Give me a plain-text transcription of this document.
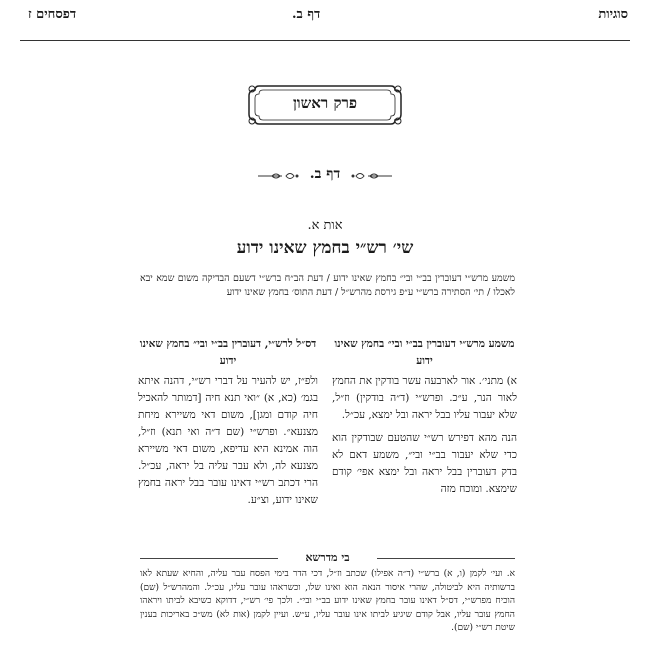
סוגיות
דף ב.
דפסחים ז
פרק ראשון
דף ב.
אות א.
שי׳ רש״י בחמץ שאינו ידוע
משמע מרש״י דעוברין בב״י ובי״ בחמץ שאינו ידוע / דעת הב״ח ברש״י דשעם הבדיקה משום שמא יבא לאכלו / תי׳ הסתירה ברש״י ע״פ גירסת מהרש״ל / דעת התוס׳ בחמץ שאינו ידוע

משמע מרש״י דעוברין בב״י ובי״ בחמץ שאינו ידוע

א) מתני׳. אור לארבעה עשר בודקין את החמץ לאור הנר, ע״כ. ופרש״י (ד״ה בודקין) וז״ל, שלא יעבור עליו בבל יראה ובל ימצא, עכ״ל.

הנה מהא דפירש רש״י שהטעם שבודקין הוא כדי שלא יעבור בב״י ובי״, משמע דאם לא בדק דעוברין בבל יראה ובל ימצא אפי׳ קודם שימצא. ומוכח מזה

דס״ל לרש״י, דעוברין בב״י ובי״ בחמץ שאינו ידוע

ולפ״ז, יש להעיר על דברי רש״י, דהנה איתא בגמ׳ (כא, א) ״ואי תנא חיה [דמותר להאכיל חיה קודם ומגן], משום דאי משיירא מיחת מצנעא״. ופרש״י (שם ד״ה ואי תנא) וז״ל, הוה אמינא היא עדיפא, משום דאי משיירא מצנעא לה, ולא עבר עליה בל יראה, עכ״ל. הרי דכתב רש״י דאינו עובר בבל יראה בחמץ שאינו ידוע, וצ״ע.

בי מדרשא
א. ועי׳ לקמן (ו, א) ברש״י (ד״ה אפילו) שכתב וז״ל, דכי הדר בימי הפסח עבר עליה, והחיא שעתא לאו ברשותיה היא לביטולה, שהרי איסור הנאה הוא ואינו שלו, וכשראהו עובר עליו, עכ״ל. והמהרש״ל (שם) הוכיח מפרש״י, דס״ל דאינו עובר בחמץ שאינו ידוע בב״י ובי״. ולכך פי׳ רש״י, דדוקא כשיבא לביתו ויראהו החמץ עובר עליו, אבל קודם שיגיע לביתו אינו עובר עליו, ע״ש. ועיין לקמן (אות לא) מש״כ באריכות בענין שיטת רש״י (שם).
